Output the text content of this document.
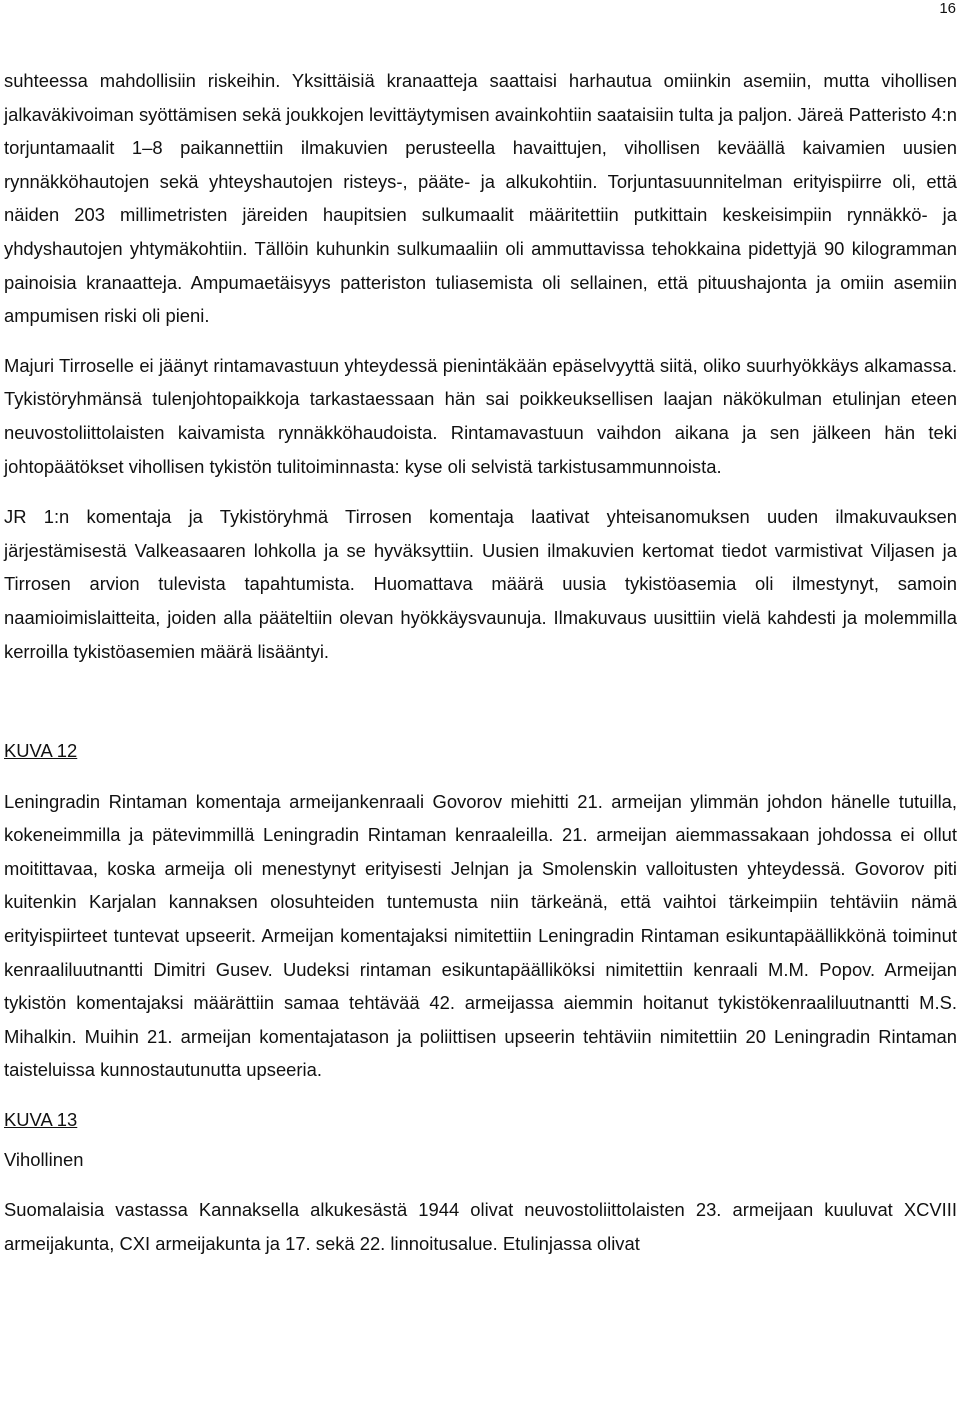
16

suhteessa mahdollisiin riskeihin. Yksittäisiä kranaatteja saattaisi harhautua omiinkin asemiin, mutta vihollisen jalkaväkivoiman syöttämisen sekä joukkojen levittäytymisen avainkohtiin saataisiin tulta ja paljon. Järeä Patteristo 4:n torjuntamaalit 1–8 paikannettiin ilmakuvien perusteella havaittujen, vihollisen keväällä kaivamien uusien rynnäkköhautojen sekä yhteyshautojen risteys-, pääte- ja alkukohtiin. Torjuntasuunnitelman erityispiirre oli, että näiden 203 millimetristen järeiden haupitsien sulkumaalit määritettiin putkittain keskeisimpiin rynnäkkö- ja yhdyshautojen yhtymäkohtiin. Tällöin kuhunkin sulkumaaliin oli ammuttavissa tehokkaina pidettyjä 90 kilogramman painoisia kranaatteja. Ampumaetäisyys patteriston tuliasemista oli sellainen, että pituushajonta ja omiin asemiin ampumisen riski oli pieni.

Majuri Tirroselle ei jäänyt rintamavastuun yhteydessä pienintäkään epäselvyyttä siitä, oliko suurhyökkäys alkamassa. Tykistöryhmänsä tulenjohtopaikkoja tarkastaessaan hän sai poikkeuksellisen laajan näkökulman etulinjan eteen neuvostoliittolaisten kaivamista rynnäkköhaudoista. Rintamavastuun vaihdon aikana ja sen jälkeen hän teki johtopäätökset vihollisen tykistön tulitoiminnasta: kyse oli selvistä tarkistusammunnoista.

JR 1:n komentaja ja Tykistöryhmä Tirrosen komentaja laativat yhteisanomuksen uuden ilmakuvauksen järjestämisestä Valkeasaaren lohkolla ja se hyväksyttiin. Uusien ilmakuvien kertomat tiedot varmistivat Viljasen ja Tirrosen arvion tulevista tapahtumista. Huomattava määrä uusia tykistöasemia oli ilmestynyt, samoin naamioimislaitteita, joiden alla pääteltiin olevan hyökkäysvaunuja. Ilmakuvaus uusittiin vielä kahdesti ja molemmilla kerroilla tykistöasemien määrä lisääntyi.

KUVA 12

Leningradin Rintaman komentaja armeijankenraali Govorov miehitti 21. armeijan ylimmän johdon hänelle tutuilla, kokeneimmilla ja pätevimmillä Leningradin Rintaman kenraaleilla. 21. armeijan aiemmassakaan johdossa ei ollut moitittavaa, koska armeija oli menestynyt erityisesti Jelnjan ja Smolenskin valloitusten yhteydessä. Govorov piti kuitenkin Karjalan kannaksen olosuhteiden tuntemusta niin tärkeänä, että vaihtoi tärkeimpiin tehtäviin nämä erityispiirteet tuntevat upseerit. Armeijan komentajaksi nimitettiin Leningradin Rintaman esikuntapäällikkönä toiminut kenraaliluutnantti Dimitri Gusev. Uudeksi rintaman esikuntapäälliköksi nimitettiin kenraali M.M. Popov. Armeijan tykistön komentajaksi määrättiin samaa tehtävää 42. armeijassa aiemmin hoitanut tykistökenraaliluutnantti M.S. Mihalkin. Muihin 21. armeijan komentajatason ja poliittisen upseerin tehtäviin nimitettiin 20 Leningradin Rintaman taisteluissa kunnostautunutta upseeria.

KUVA 13

Vihollinen

Suomalaisia vastassa Kannaksella alkukesästä 1944 olivat neuvostoliittolaisten 23. armeijaan kuuluvat XCVIII armeijakunta, CXI armeijakunta ja 17. sekä 22. linnoitusalue. Etulinjassa olivat
